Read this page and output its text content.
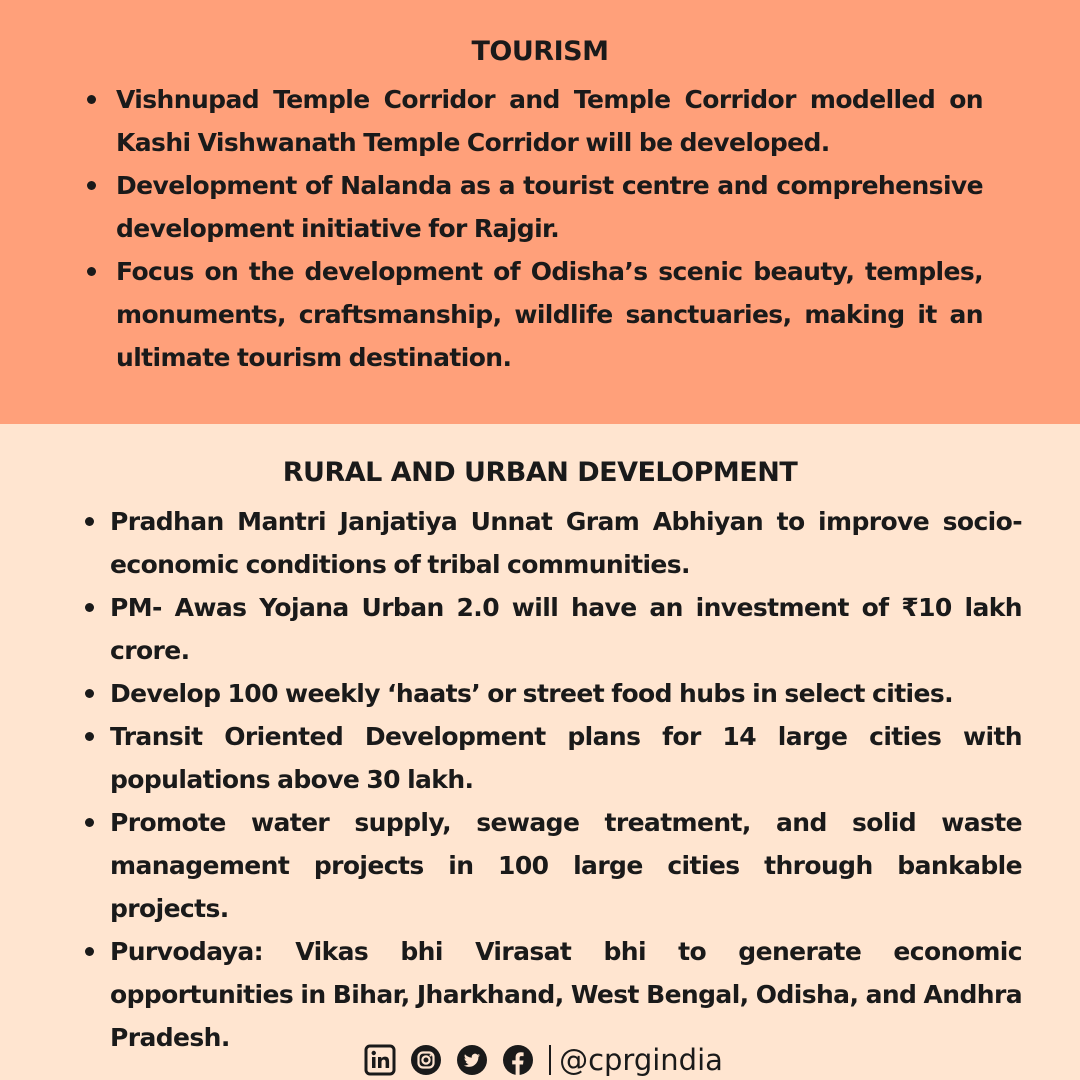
TOURISM
Vishnupad Temple Corridor and Temple Corridor modelled on Kashi Vishwanath Temple Corridor will be developed.
Development of Nalanda as a tourist centre and comprehensive development initiative for Rajgir.
Focus on the development of Odisha’s scenic beauty, temples, monuments, craftsmanship, wildlife sanctuaries, making it an ultimate tourism destination.
RURAL AND URBAN DEVELOPMENT
Pradhan Mantri Janjatiya Unnat Gram Abhiyan to improve socio-economic conditions of tribal communities.
PM- Awas Yojana Urban 2.0 will have an investment of ₹10 lakh crore.
Develop 100 weekly ‘haats’ or street food hubs in select cities.
Transit Oriented Development plans for 14 large cities with populations above 30 lakh.
Promote water supply, sewage treatment, and solid waste management projects in 100 large cities through bankable projects.
Purvodaya: Vikas bhi Virasat bhi to generate economic opportunities in Bihar, Jharkhand, West Bengal, Odisha, and Andhra Pradesh.
@cprgindia
